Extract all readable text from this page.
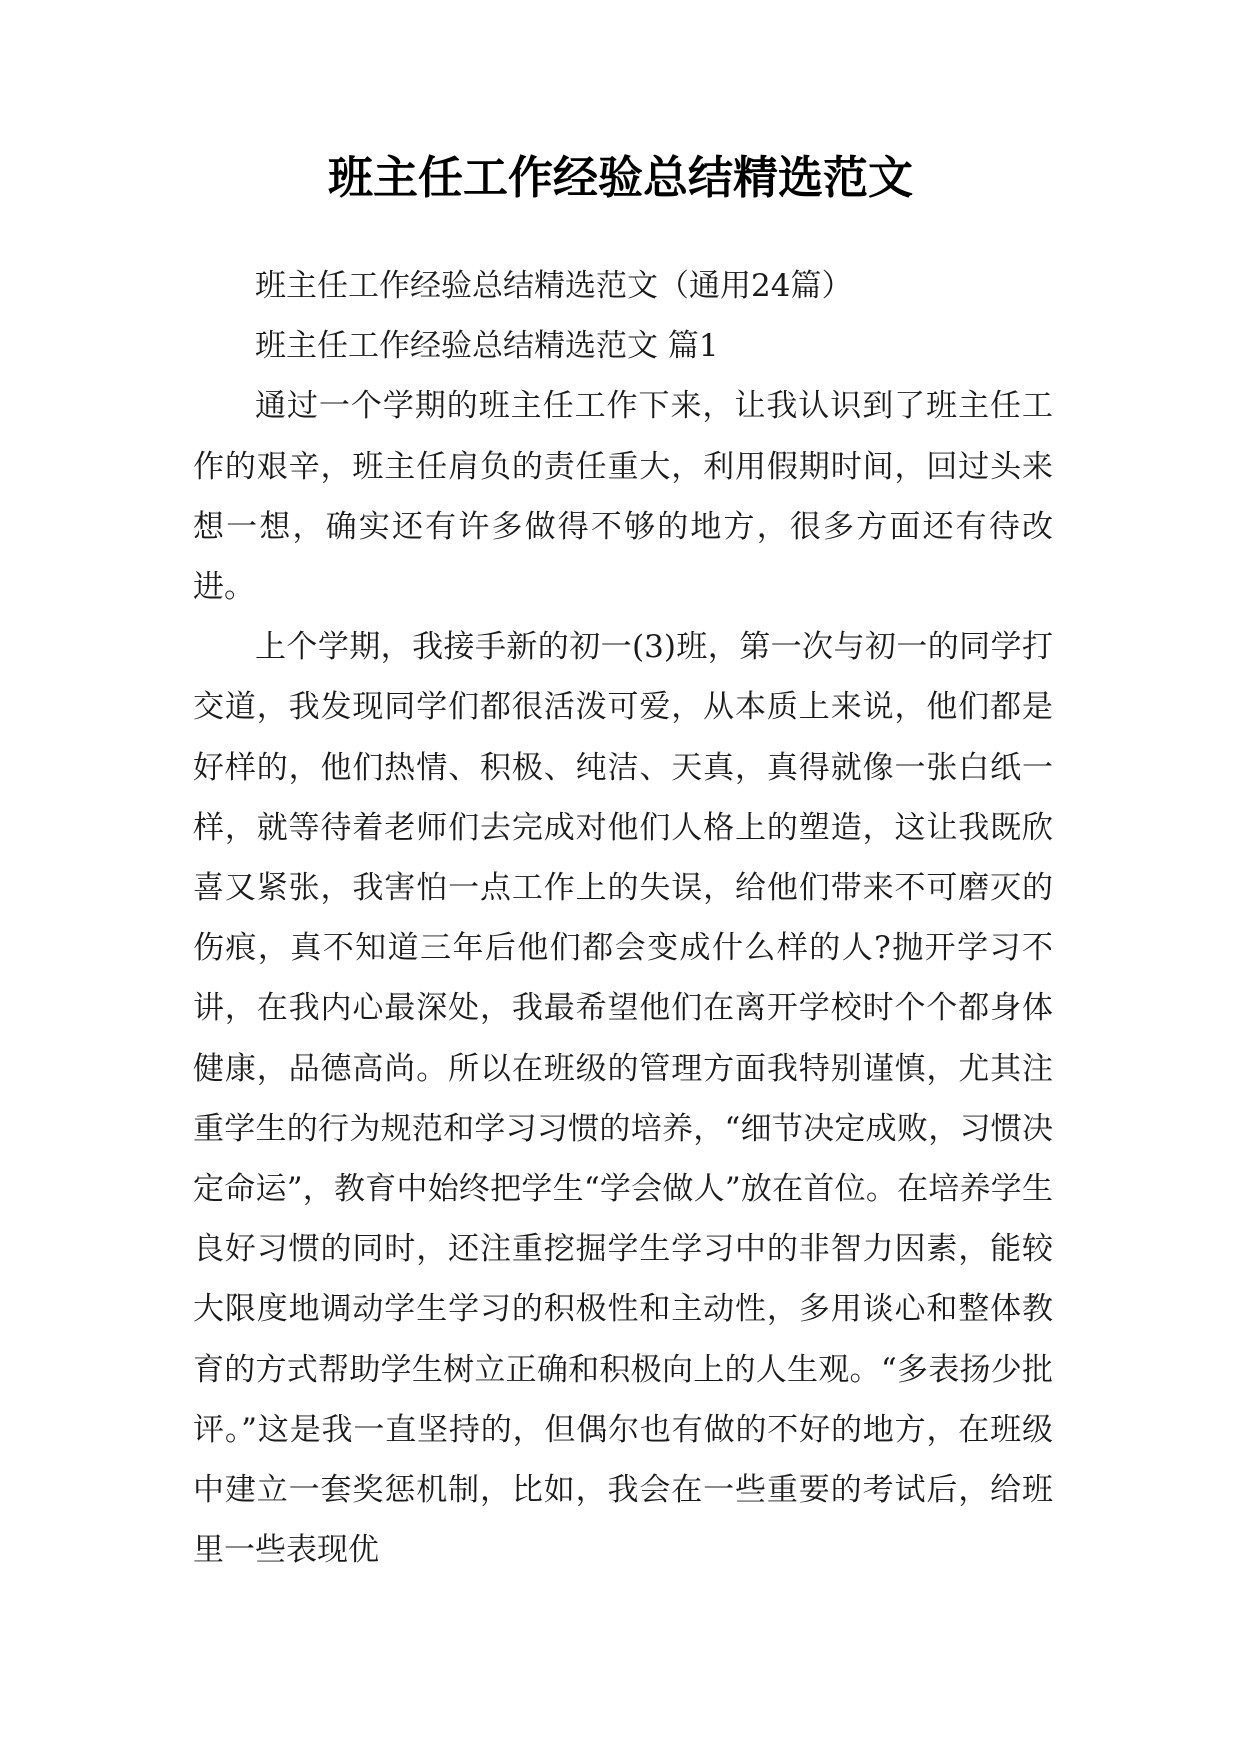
班主任工作经验总结精选范文

班主任工作经验总结精选范文（通用24篇）

班主任工作经验总结精选范文 篇1

通过一个学期的班主任工作下来，让我认识到了班主任工作的艰辛，班主任肩负的责任重大，利用假期时间，回过头来想一想，确实还有许多做得不够的地方，很多方面还有待改进。

上个学期，我接手新的初一(3)班，第一次与初一的同学打交道，我发现同学们都很活泼可爱，从本质上来说，他们都是好样的，他们热情、积极、纯洁、天真，真得就像一张白纸一样，就等待着老师们去完成对他们人格上的塑造，这让我既欣喜又紧张，我害怕一点工作上的失误，给他们带来不可磨灭的伤痕，真不知道三年后他们都会变成什么样的人?抛开学习不讲，在我内心最深处，我最希望他们在离开学校时个个都身体健康，品德高尚。所以在班级的管理方面我特别谨慎，尤其注重学生的行为规范和学习习惯的培养，“细节决定成败，习惯决定命运”，教育中始终把学生“学会做人”放在首位。在培养学生良好习惯的同时，还注重挖掘学生学习中的非智力因素，能较大限度地调动学生学习的积极性和主动性，多用谈心和整体教育的方式帮助学生树立正确和积极向上的人生观。“多表扬少批评。”这是我一直坚持的，但偶尔也有做的不好的地方，在班级中建立一套奖惩机制，比如，我会在一些重要的考试后，给班里一些表现优
